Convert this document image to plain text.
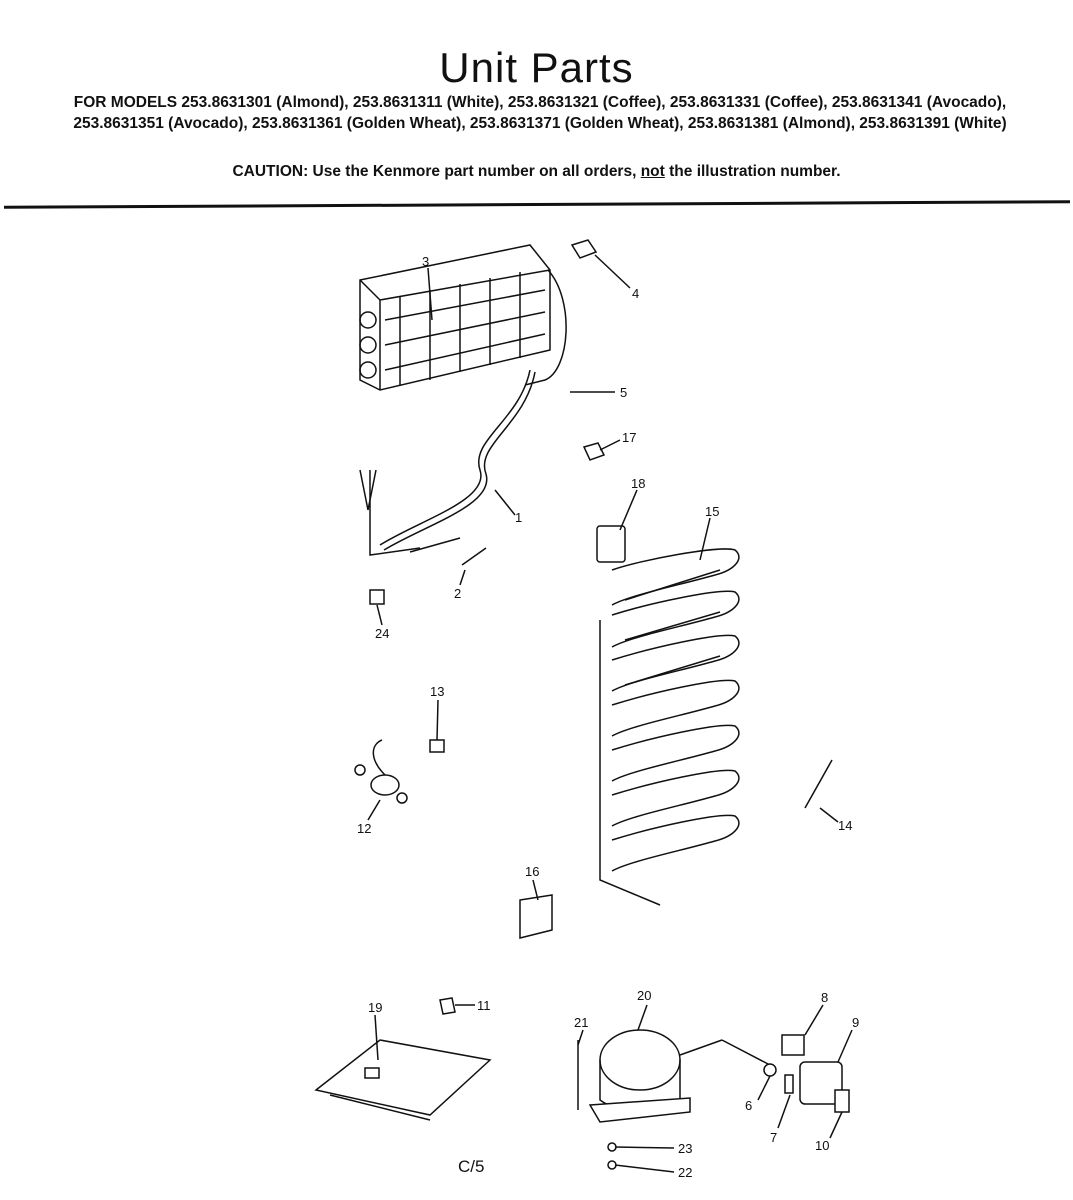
Unit Parts
FOR MODELS 253.8631301 (Almond), 253.8631311 (White), 253.8631321 (Coffee), 253.8631331 (Coffee), 253.8631341 (Avocado), 253.8631351 (Avocado), 253.8631361 (Golden Wheat), 253.8631371 (Golden Wheat), 253.8631381 (Almond), 253.8631391 (White)
CAUTION: Use the Kenmore part number on all orders, not the illustration number.
3
4
5
17
18
15
1
2
24
13
12	14
16
19	11
20
21
23
22
8
9
6
7
10
C/5
